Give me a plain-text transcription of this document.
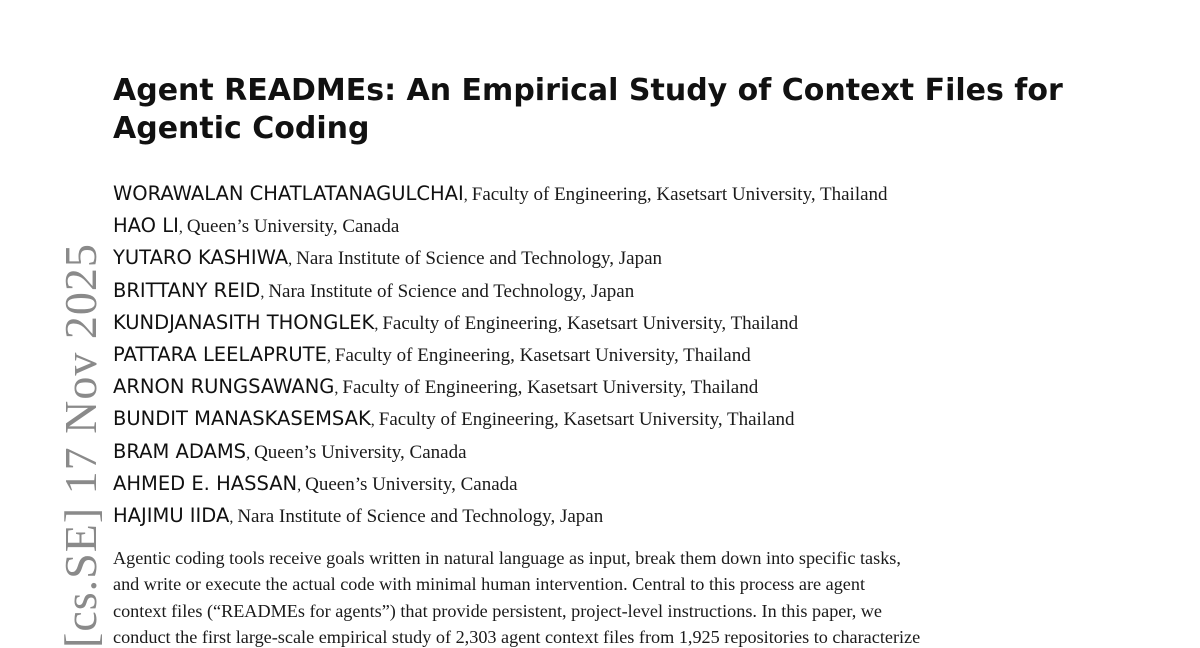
[cs.SE] 17 Nov 2025
Agent READMEs: An Empirical Study of Context Files for
Agentic Coding
WORAWALAN CHATLATANAGULCHAI, Faculty of Engineering, Kasetsart University, Thailand
HAO LI, Queen’s University, Canada
YUTARO KASHIWA, Nara Institute of Science and Technology, Japan
BRITTANY REID, Nara Institute of Science and Technology, Japan
KUNDJANASITH THONGLEK, Faculty of Engineering, Kasetsart University, Thailand
PATTARA LEELAPRUTE, Faculty of Engineering, Kasetsart University, Thailand
ARNON RUNGSAWANG, Faculty of Engineering, Kasetsart University, Thailand
BUNDIT MANASKASEMSAK, Faculty of Engineering, Kasetsart University, Thailand
BRAM ADAMS, Queen’s University, Canada
AHMED E. HASSAN, Queen’s University, Canada
HAJIMU IIDA, Nara Institute of Science and Technology, Japan

Agentic coding tools receive goals written in natural language as input, break them down into specific tasks,
and write or execute the actual code with minimal human intervention. Central to this process are agent
context files (“READMEs for agents”) that provide persistent, project-level instructions. In this paper, we
conduct the first large-scale empirical study of 2,303 agent context files from 1,925 repositories to characterize
